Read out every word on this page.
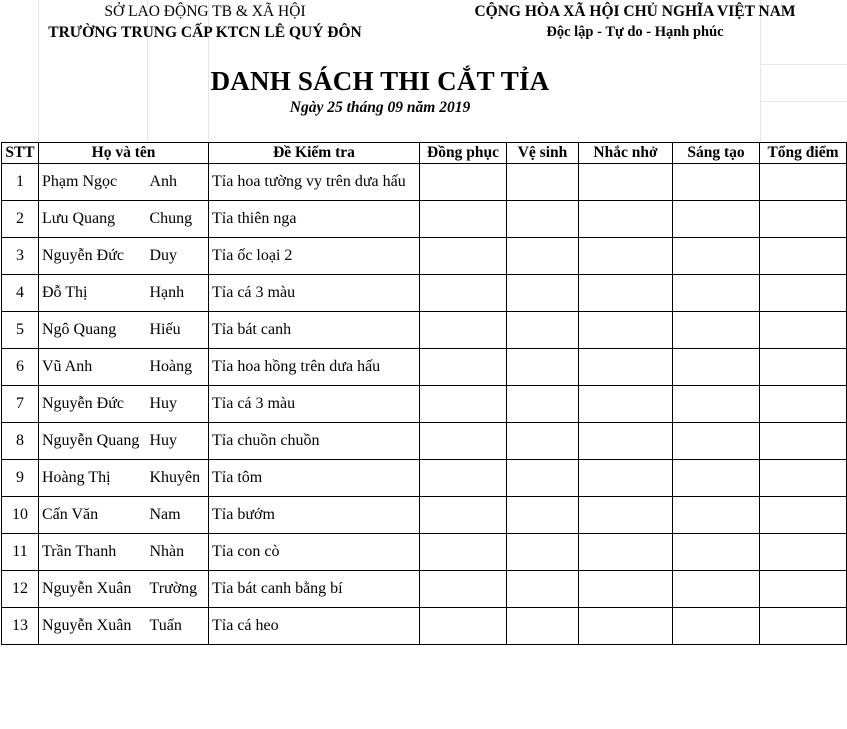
SỞ LAO ĐỘNG TB & XÃ HỘI
TRƯỜNG TRUNG CẤP KTCN LÊ QUÝ ĐÔN
CỘNG HÒA XÃ HỘI CHỦ NGHĨA VIỆT NAM
Độc lập - Tự do - Hạnh phúc
DANH SÁCH THI CẮT TỈA
Ngày 25 tháng 09 năm 2019
STT	Họ và tên		Đề Kiểm tra	Đồng phục	Vệ sinh	Nhắc nhở	Sáng tạo	Tổng điểm
1	Phạm Ngọc	Anh	Tỉa hoa tường vy trên dưa hấu					
2	Lưu Quang	Chung	Tỉa thiên nga					
3	Nguyễn Đức	Duy	Tỉa ốc loại 2					
4	Đỗ Thị	Hạnh	Tỉa cá 3 màu					
5	Ngô Quang	Hiếu	Tỉa bát canh					
6	Vũ Anh	Hoàng	Tỉa hoa hồng trên dưa hấu					
7	Nguyễn Đức	Huy	Tỉa cá 3 màu					
8	Nguyễn Quang	Huy	Tỉa chuồn chuồn					
9	Hoàng Thị	Khuyên	Tỉa tôm					
10	Cấn Văn	Nam	Tỉa bướm					
11	Trần Thanh	Nhàn	Tỉa con cò					
12	Nguyễn Xuân	Trường	Tỉa bát canh bằng bí					
13	Nguyễn Xuân	Tuấn	Tỉa cá heo					
